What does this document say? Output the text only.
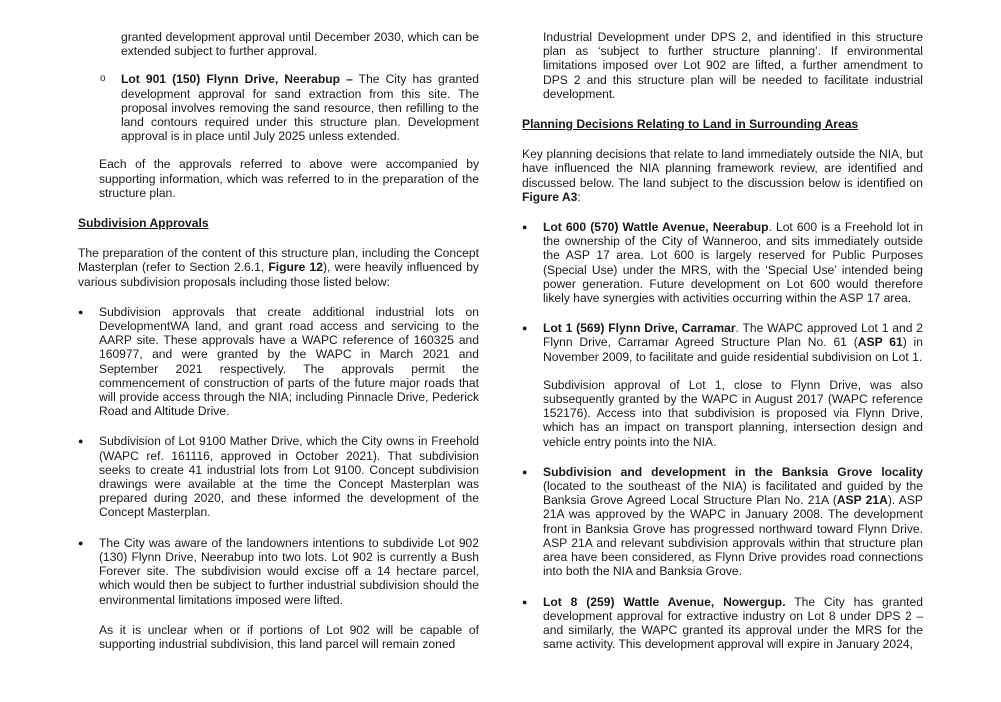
granted development approval until December 2030, which can be extended subject to further approval.

o Lot 901 (150) Flynn Drive, Neerabup – The City has granted development approval for sand extraction from this site. The proposal involves removing the sand resource, then refilling to the land contours required under this structure plan. Development approval is in place until July 2025 unless extended.

Each of the approvals referred to above were accompanied by supporting information, which was referred to in the preparation of the structure plan.

Subdivision Approvals

The preparation of the content of this structure plan, including the Concept Masterplan (refer to Section 2.6.1, Figure 12), were heavily influenced by various subdivision proposals including those listed below:

● Subdivision approvals that create additional industrial lots on DevelopmentWA land, and grant road access and servicing to the AARP site. These approvals have a WAPC reference of 160325 and 160977, and were granted by the WAPC in March 2021 and September 2021 respectively. The approvals permit the commencement of construction of parts of the future major roads that will provide access through the NIA; including Pinnacle Drive, Pederick Road and Altitude Drive.
● Subdivision of Lot 9100 Mather Drive, which the City owns in Freehold (WAPC ref. 161116, approved in October 2021). That subdivision seeks to create 41 industrial lots from Lot 9100. Concept subdivision drawings were available at the time the Concept Masterplan was prepared during 2020, and these informed the development of the Concept Masterplan.
● The City was aware of the landowners intentions to subdivide Lot 902 (130) Flynn Drive, Neerabup into two lots. Lot 902 is currently a Bush Forever site. The subdivision would excise off a 14 hectare parcel, which would then be subject to further industrial subdivision should the environmental limitations imposed were lifted.

As it is unclear when or if portions of Lot 902 will be capable of supporting industrial subdivision, this land parcel will remain zoned

Industrial Development under DPS 2, and identified in this structure plan as ‘subject to further structure planning’. If environmental limitations imposed over Lot 902 are lifted, a further amendment to DPS 2 and this structure plan will be needed to facilitate industrial development.

Planning Decisions Relating to Land in Surrounding Areas

Key planning decisions that relate to land immediately outside the NIA, but have influenced the NIA planning framework review, are identified and discussed below. The land subject to the discussion below is identified on Figure A3:

● Lot 600 (570) Wattle Avenue, Neerabup. Lot 600 is a Freehold lot in the ownership of the City of Wanneroo, and sits immediately outside the ASP 17 area. Lot 600 is largely reserved for Public Purposes (Special Use) under the MRS, with the ‘Special Use’ intended being power generation. Future development on Lot 600 would therefore likely have synergies with activities occurring within the ASP 17 area.
● Lot 1 (569) Flynn Drive, Carramar. The WAPC approved Lot 1 and 2 Flynn Drive, Carramar Agreed Structure Plan No. 61 (ASP 61) in November 2009, to facilitate and guide residential subdivision on Lot 1.

Subdivision approval of Lot 1, close to Flynn Drive, was also subsequently granted by the WAPC in August 2017 (WAPC reference 152176). Access into that subdivision is proposed via Flynn Drive, which has an impact on transport planning, intersection design and vehicle entry points into the NIA.

● Subdivision and development in the Banksia Grove locality (located to the southeast of the NIA) is facilitated and guided by the Banksia Grove Agreed Local Structure Plan No. 21A (ASP 21A). ASP 21A was approved by the WAPC in January 2008. The development front in Banksia Grove has progressed northward toward Flynn Drive. ASP 21A and relevant subdivision approvals within that structure plan area have been considered, as Flynn Drive provides road connections into both the NIA and Banksia Grove.
● Lot 8 (259) Wattle Avenue, Nowergup. The City has granted development approval for extractive industry on Lot 8 under DPS 2 – and similarly, the WAPC granted its approval under the MRS for the same activity. This development approval will expire in January 2024,
